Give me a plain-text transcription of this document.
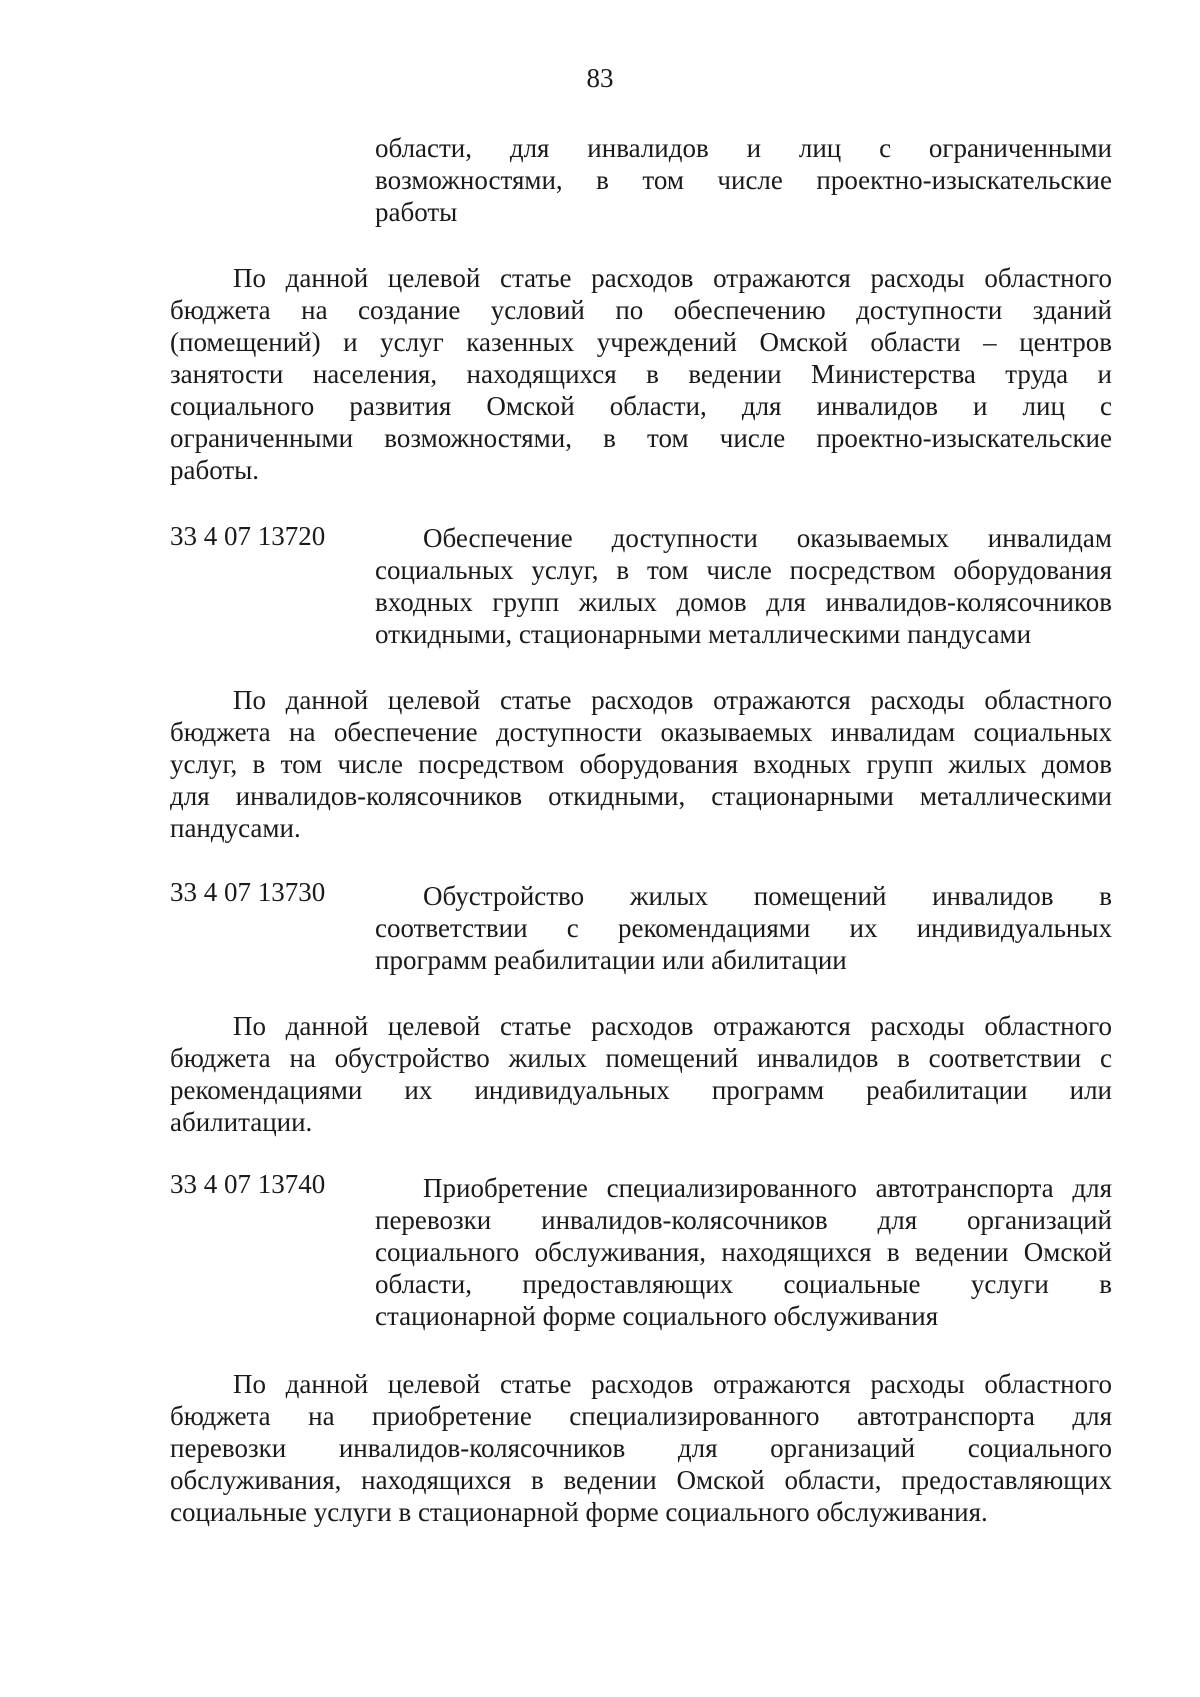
83
области, для инвалидов и лиц с ограниченными
возможностями, в том числе проектно-изыскательские
работы
По данной целевой статье расходов отражаются расходы областного
бюджета на создание условий по обеспечению доступности зданий
(помещений) и услуг казенных учреждений Омской области – центров
занятости населения, находящихся в ведении Министерства труда и
социального развития Омской области, для инвалидов и лиц с
ограниченными возможностями, в том числе проектно-изыскательские
работы.
33 4 07 13720	Обеспечение доступности оказываемых инвалидам
социальных услуг, в том числе посредством оборудования
входных групп жилых домов для инвалидов-колясочников
откидными, стационарными металлическими пандусами
По данной целевой статье расходов отражаются расходы областного
бюджета на обеспечение доступности оказываемых инвалидам социальных
услуг, в том числе посредством оборудования входных групп жилых домов
для инвалидов-колясочников откидными, стационарными металлическими
пандусами.
33 4 07 13730	Обустройство жилых помещений инвалидов в
соответствии с рекомендациями их индивидуальных
программ реабилитации или абилитации
По данной целевой статье расходов отражаются расходы областного
бюджета на обустройство жилых помещений инвалидов в соответствии с
рекомендациями их индивидуальных программ реабилитации или
абилитации.
33 4 07 13740	Приобретение специализированного автотранспорта для
перевозки инвалидов-колясочников для организаций
социального обслуживания, находящихся в ведении Омской
области, предоставляющих социальные услуги в
стационарной форме социального обслуживания
По данной целевой статье расходов отражаются расходы областного
бюджета на приобретение специализированного автотранспорта для
перевозки инвалидов-колясочников для организаций социального
обслуживания, находящихся в ведении Омской области, предоставляющих
социальные услуги в стационарной форме социального обслуживания.
